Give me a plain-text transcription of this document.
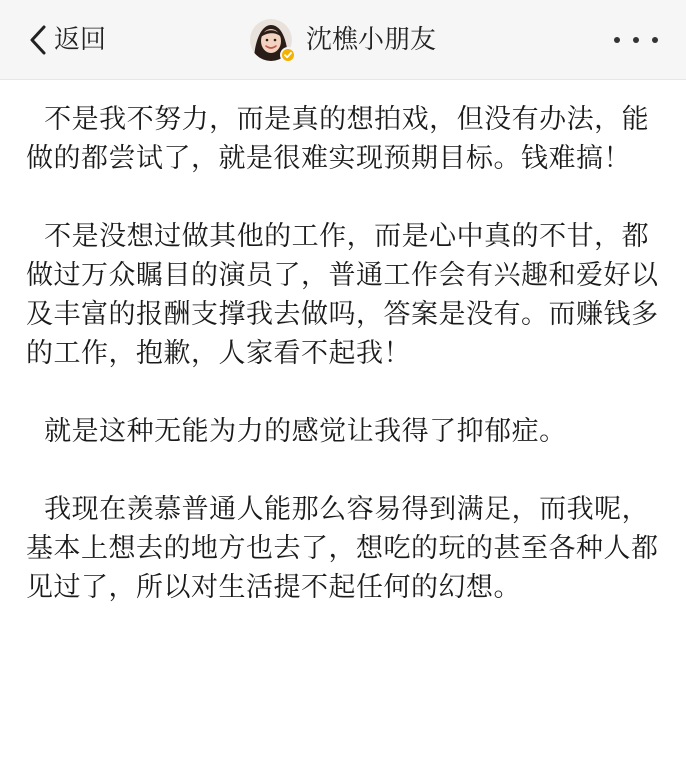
返回	沈樵小朋友

不是我不努力，而是真的想拍戏，但没有办法，能做的都尝试了，就是很难实现预期目标。钱难搞！

不是没想过做其他的工作，而是心中真的不甘，都做过万众瞩目的演员了，普通工作会有兴趣和爱好以及丰富的报酬支撑我去做吗，答案是没有。而赚钱多的工作，抱歉，人家看不起我！

就是这种无能为力的感觉让我得了抑郁症。

我现在羡慕普通人能那么容易得到满足，而我呢，基本上想去的地方也去了，想吃的玩的甚至各种人都见过了，所以对生活提不起任何的幻想。
